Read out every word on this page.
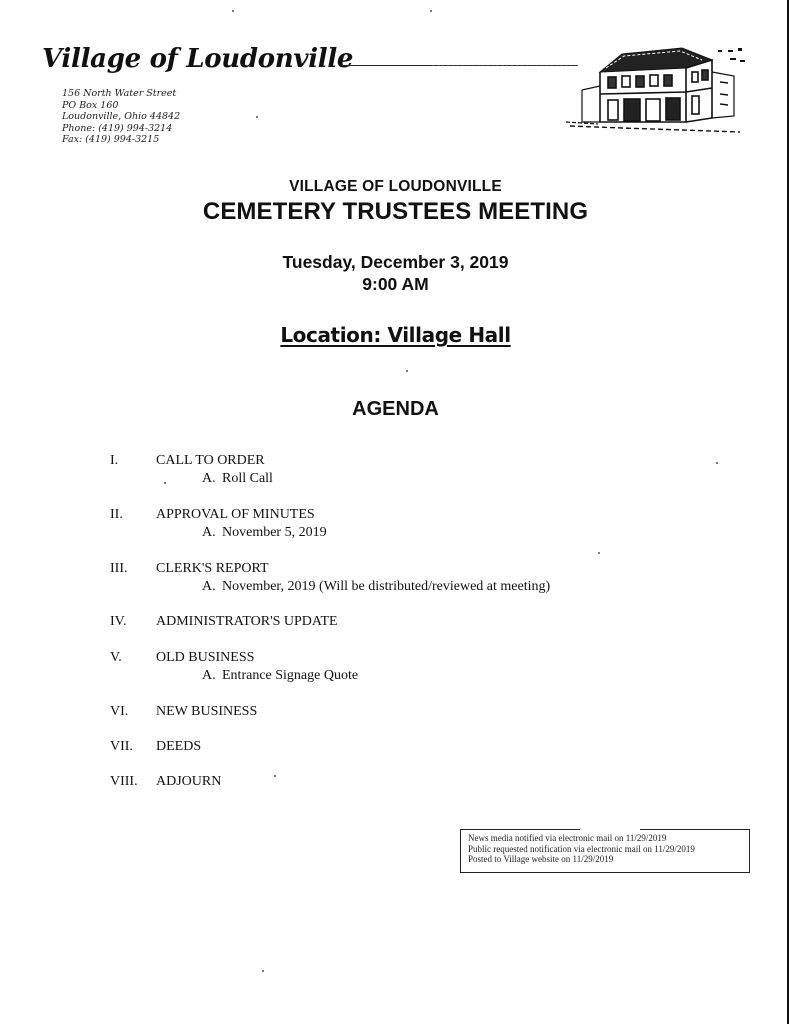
Village of Loudonville
156 North Water Street
PO Box 160
Loudonville, Ohio 44842
Phone: (419) 994-3214
Fax: (419) 994-3215
VILLAGE OF LOUDONVILLE
CEMETERY TRUSTEES MEETING
Tuesday, December 3, 2019
9:00 AM
Location: Village Hall
AGENDA
I.	CALL TO ORDER
A. Roll Call
II. APPROVAL OF MINUTES
A. November 5, 2019
III. CLERK'S REPORT
A. November, 2019 (Will be distributed/reviewed at meeting)
IV. ADMINISTRATOR'S UPDATE
V. OLD BUSINESS
A. Entrance Signage Quote
VI. NEW BUSINESS
VII. DEEDS
VIII. ADJOURN
News media notified via electronic mail on 11/29/2019
Public requested notification via electronic mail on 11/29/2019
Posted to Village website on 11/29/2019
